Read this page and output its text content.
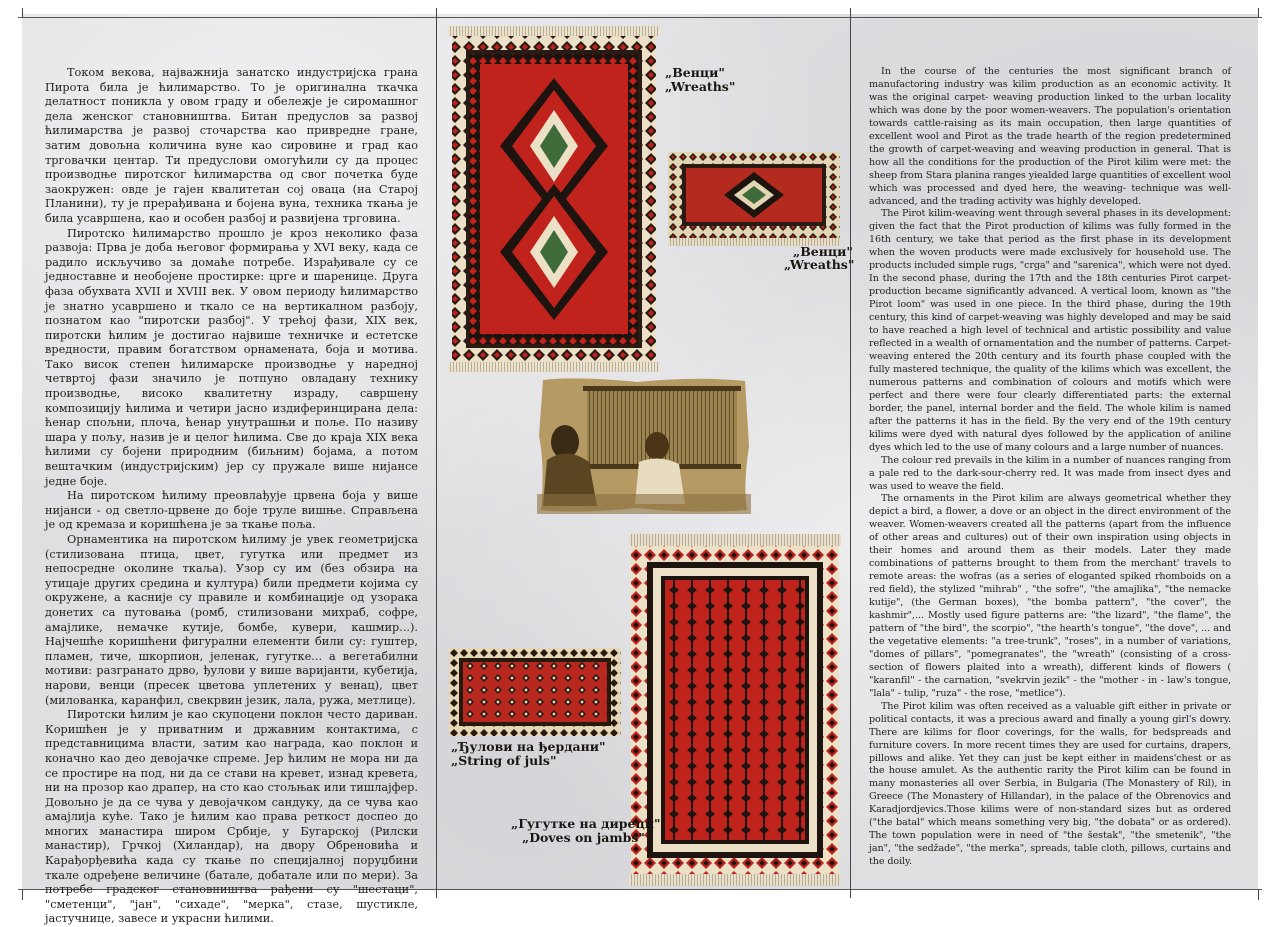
Током векова, најважнија занатско индустријска грана Пирота била је ћилимарство. То је оригинална ткачка делатност поникла у овом граду и обележје је сиромашног дела женског становништва. Битан предуслов за развој ћилимарства је развој сточарства као привредне гране, затим довољна количина вуне као сировине и град као трговачки центар. Ти предуслови омогућили су да процес производње пиротског ћилимарства од свог почетка буде заокружен: овде је гајен квалитетан сој оваца (на Старој Планини), ту је прерађивана и бојена вуна, техника ткања је била усавршена, као и особен разбој и развијена трговина.

Пиротско ћилимарство прошло је кроз неколико фаза развоја: Прва је доба његовог формирања у XVI веку, када се радило искључиво за домаће потребе. Израђивале су се једноставне и необојене простирке: црге и шаренице. Друга фаза обухвата XVII и XVIII век. У овом периоду ћилимарство је знатно усавршено и ткало се на вертикалном разбоју, познатом као "пиротски разбој". У трећој фази, XIX век, пиротски ћилим је достигао највише техничке и естетске вредности, правим богатством орнамената, боја и мотива. Тако висок степен ћилимарске производње у наредној четвртој фази значило је потпуно овладану технику производње, високо квалитетну израду, савршену композицију ћилима и четири јасно издиферинциранa дела: ћенар спољни, плоча, ћенар унутрашњи и поље. По називу шара у пољу, назив је и целог ћилима. Све до краја XIX века ћилими су бојени природним (биљним) бојама, а потом вештачким (индустријским) јер су пружале више нијансе једне боје.

На пиротском ћилиму преовлађује црвена боја у више нијанси - од светло-црвене до боје труле вишње. Справљена је од кремаза и коришћена је за ткање поља.

Орнаментика на пиротском ћилиму је увек геометријска (стилизована птица, цвет, гугутка или предмет из непосредне околине ткаља). Узор су им (без обзира на утицаје других средина и култура) били предмети којима су окружене, а касније су правиле и комбинације од узорака донетих са путовања (ромб, стилизовани михраб, софре, амајлике, немачке кутије, бомбе, кувери, кашмир...). Најчешће коришћени фигурални елементи били су: гуштер, пламен, тиче, шкорпион, јеленак, гугутке... а вегетабилни мотиви: разгранато дрво, ђулови у више варијанти, кубетија, нарови, венци (пресек цветова уплетених у венац), цвет (милованка, каранфил, свекрвин језик, лала, ружа, метлице).

Пиротски ћилим је као скупоцени поклон често дариван. Коришћен је у приватним и државним контактима, с представницима власти, затим као награда, као поклон и коначно као део девојачке спреме. Јер ћилим не мора ни да се простире на под, ни да се стави на кревет, изнад кревета, ни на прозор као драпер, на сто као стољњак или тишлајфер. Довољно је да се чува у девојачком сандуку, да се чува као амајлија куће. Тако је ћилим као права реткост доспео до многих манастира широм Србије, у Бугарској (Рилски манастир), Грчкој (Хиландар), на двору Обреновића и Карађорђевића када су ткање по специјалној поруџбини ткале одређене величине (батале, добатале или по мери). За потребе градског становништва рађени су "шестаци", "сметенци", "јан", "сихаде", "мерка", стазе, шустикле, јастучнице, завесе и украсни ћилими.

In the course of the centuries the most significant branch of manufactoring industry was kilim production as an economic activity. It was the original carpet- weaving production linked to the urban locality which was done by the poor women-weavers. The population's orientation towards cattle-raising as its main occupation, then large quantities of excellent wool and Pirot as the trade hearth of the region predetermined the growth of carpet-weaving and weaving production in general. That is how all the conditions for the production of the Pirot kilim were met: the sheep from Stara planina ranges yiealded large quantities of excellent wool which was processed and dyed here, the weaving- technique was well-advanced, and the trading activity was highly developed.

The Pirot kilim-weaving went through several phases in its development: given the fact that the Pirot production of kilims was fully formed in the 16th century, we take that period as the first phase in its development when the woven products were made exclusively for household use. The products included simple rugs, "crga" and "sarenica", which were not dyed. In the second phase, during the 17th and the 18th centuries Pirot carpet-production became significantly advanced. A vertical loom, known as "the Pirot loom" was used in one piece. In the third phase, during the 19th century, this kind of carpet-weaving was highly developed and may be said to have reached a high level of technical and artistic possibility and value reflected in a wealth of ornamentation and the number of patterns. Carpet-weaving entered the 20th century and its fourth phase coupled with the fully mastered technique, the quality of the kilims which was excellent, the numerous patterns and combination of colours and motifs which were perfect and there were four clearly differentiated parts: the external border, the panel, internal border and the field. The whole kilim is named after the patterns it has in the field. By the very end of the 19th century kilims were dyed with natural dyes followed by the application of aniline dyes which led to the use of many colours and a large number of nuances.

The colour red prevails in the kilim in a number of nuances ranging from a pale red to the dark-sour-cherry red. It was made from insect dyes and was used to weave the field.

The ornaments in the Pirot kilim are always geometrical whether they depict a bird, a flower, a dove or an object in the direct environment of the weaver. Women-weavers created all the patterns (apart from the influence of other areas and cultures) out of their own inspiration using objects in their homes and around them as their models. Later they made combinations of patterns brought to them from the merchant' travels to remote areas: the wofras (as a series of eloganted spiked rhomboids on a red field), the stylized "mihrab" , "the sofre", "the amajlika", "the nemacke kutije", (the German boxes), "the bomba pattern", "the cover", the kashmir",... Mostly used figure patterns are: "the lizard", "the flame", the pattern of "the bird", the scorpio", "the hearth's tongue", "the dove", ... and the vegetative elements: "a tree-trunk", "roses", in a number of variations, "domes of pillars", "pomegranates", the "wreath" (consisting of a cross-section of flowers plaited into a wreath), different kinds of flowers ( "karanfil" - the carnation, "svekrvin jezik" - the "mother - in - law's tongue, "lala" - tulip, "ruza" - the rose, "metlice").

The Pirot kilim was often received as a valuable gift either in private or political contacts, it was a precious award and finally a young girl's dowry. There are kilims for floor coverings, for the walls, for bedspreads and furniture covers. In more recent times they are used for curtains, drapers, pillows and alike. Yet they can just be kept either in maidens'chest or as the house amulet. As the authentic rarity the Pirot kilim can be found in many monasteries all over Serbia, in Bulgaria (The Monastery of Ril), in Greece (The Monastery of Hillandar), in the palace of the Obrenovics and Karadjordjevics.Those kilims were of non-standard sizes but as ordered ("the batal" which means something very big, "the dobata" or as ordered). The town population were in need of "the šestak", "the smetenik", "the jan", "the sedžade", "the merka", spreads, table cloth, pillows, curtains and the doily.

„Венци"
„Wreaths"
„Венци"
„Wreaths"
„Ђулови на ђердани"
„String of juls"
„Гугутке на диреци"
„Doves on jambs"
